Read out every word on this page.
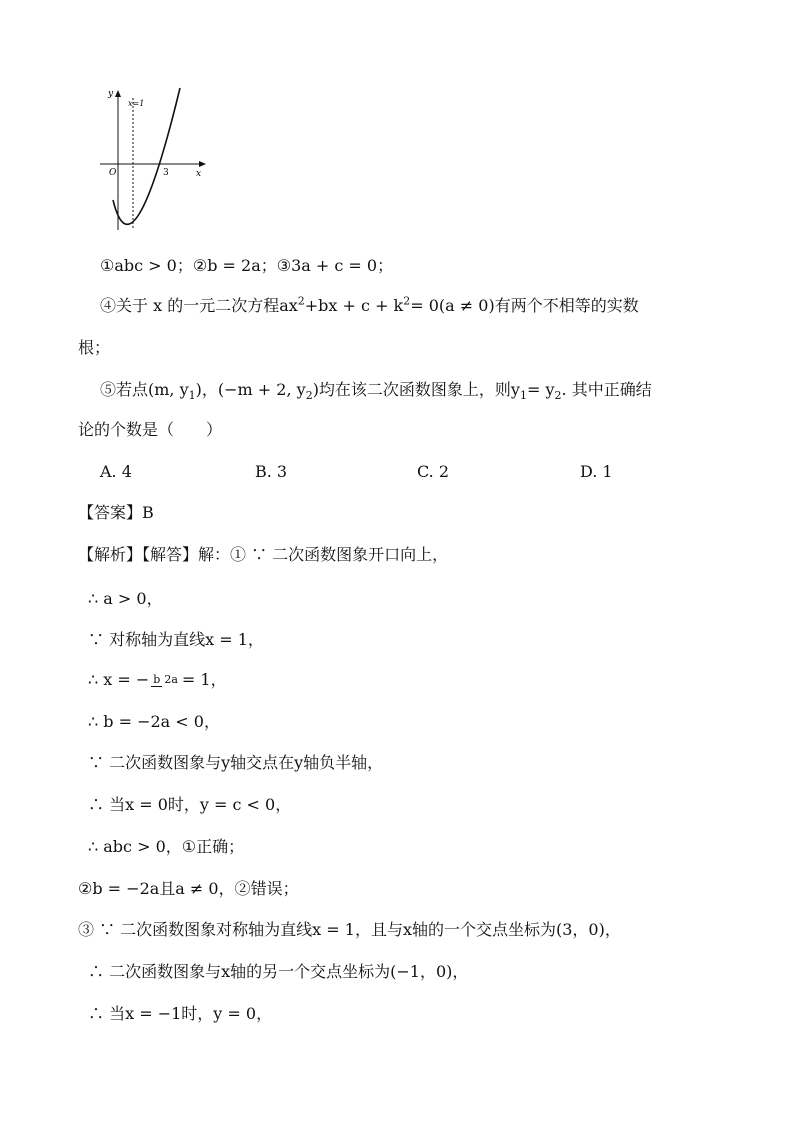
y
x
O
x=1
3
①abc > 0；②b = 2a；③3a + c = 0；
④关于 x 的一元二次方程$ax^2+bx + c + k^2= 0(a \ne 0)$有两个不相等的实数
根；
⑤若点(m, $y_1$)，(−m + 2, $y_2$)均在该二次函数图象上，则$y_1= y_2$. 其中正确结
论的个数是（　　）
A. 4	B. 3	C. 2	D. 1
【答案】B
【解析】【解答】解：① ∵ 二次函数图象开口向上，
∴ a > 0，
∵ 对称轴为直线x = 1，
∴ x = − b 2a= 1，
∴ b = −2a < 0，
∵ 二次函数图象与y轴交点在y轴负半轴，
∴ 当x = 0时，y = c < 0，
∴ abc > 0，①正确；
②b = −2a且a ≠ 0，②错误；
③ ∵ 二次函数图象对称轴为直线x = 1，且与x轴的一个交点坐标为(3，0)，
∴ 二次函数图象与x轴的另一个交点坐标为(−1，0)，
∴ 当x = −1时，y = 0，
